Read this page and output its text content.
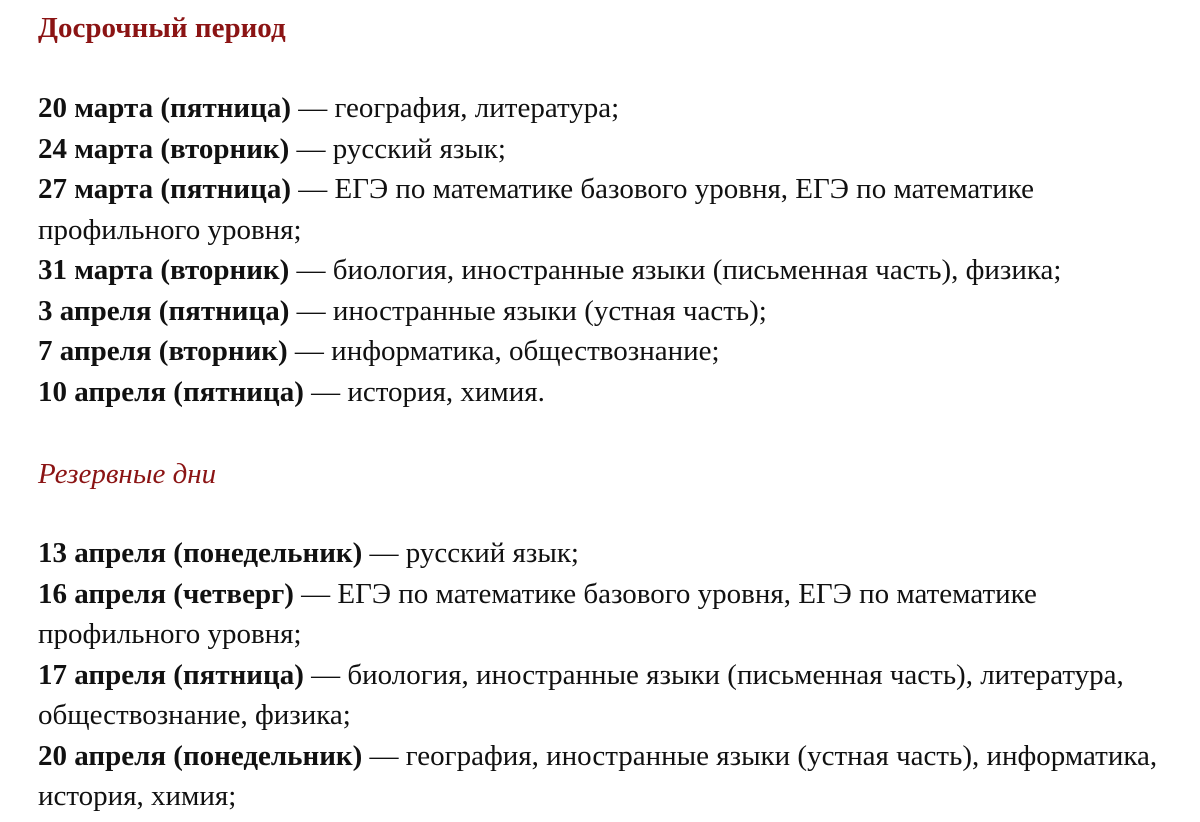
Досрочный период
20 марта (пятница) — география, литература;
24 марта (вторник) — русский язык;
27 марта (пятница) — ЕГЭ по математике базового уровня, ЕГЭ по математике профильного уровня;
31 марта (вторник) — биология, иностранные языки (письменная часть), физика;
3 апреля (пятница) — иностранные языки (устная часть);
7 апреля (вторник) — информатика, обществознание;
10 апреля (пятница) — история, химия.
Резервные дни
13 апреля (понедельник) — русский язык;
16 апреля (четверг) — ЕГЭ по математике базового уровня, ЕГЭ по математике профильного уровня;
17 апреля (пятница) — биология, иностранные языки (письменная часть), литература, обществознание, физика;
20 апреля (понедельник) — география, иностранные языки (устная часть), информатика, история, химия;
